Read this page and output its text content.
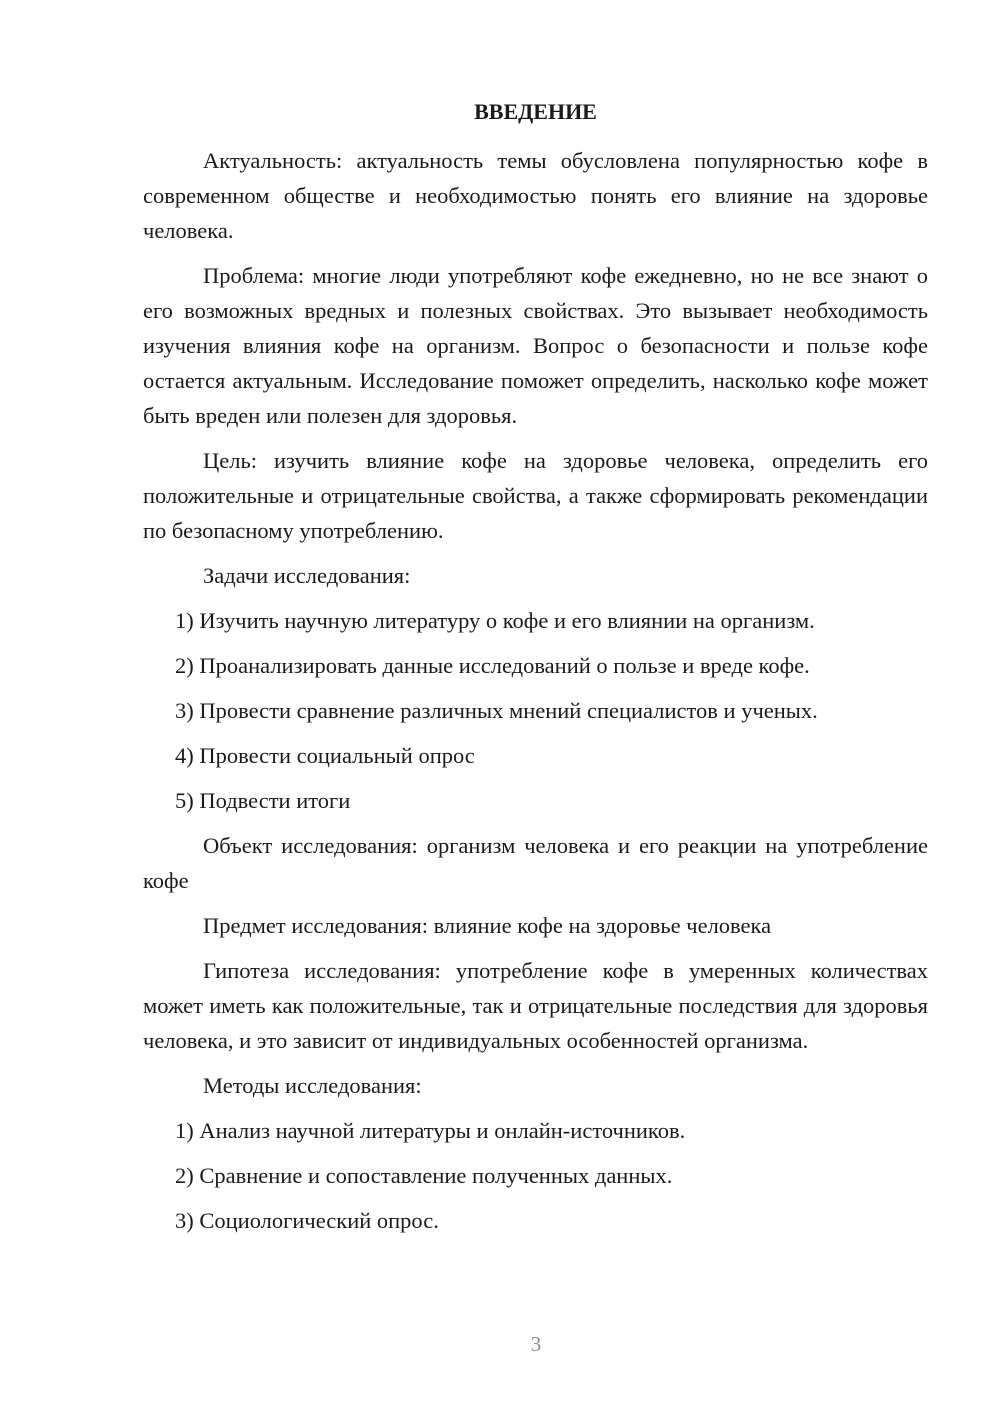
ВВЕДЕНИЕ

Актуальность: актуальность темы обусловлена популярностью кофе в современном обществе и необходимостью понять его влияние на здоровье человека.

Проблема: многие люди употребляют кофе ежедневно, но не все знают о его возможных вредных и полезных свойствах. Это вызывает необходимость изучения влияния кофе на организм. Вопрос о безопасности и пользе кофе остается актуальным. Исследование поможет определить, насколько кофе может быть вреден или полезен для здоровья.

Цель: изучить влияние кофе на здоровье человека, определить его положительные и отрицательные свойства, а также сформировать рекомендации по безопасному употреблению.

Задачи исследования:

1) Изучить научную литературу о кофе и его влиянии на организм.
2) Проанализировать данные исследований о пользе и вреде кофе.
3) Провести сравнение различных мнений специалистов и ученых.
4) Провести социальный опрос
5) Подвести итоги

Объект исследования: организм человека и его реакции на употребление кофе

Предмет исследования: влияние кофе на здоровье человека

Гипотеза исследования: употребление кофе в умеренных количествах может иметь как положительные, так и отрицательные последствия для здоровья человека, и это зависит от индивидуальных особенностей организма.

Методы исследования:

1) Анализ научной литературы и онлайн-источников.
2) Сравнение и сопоставление полученных данных.
3) Социологический опрос.
3
